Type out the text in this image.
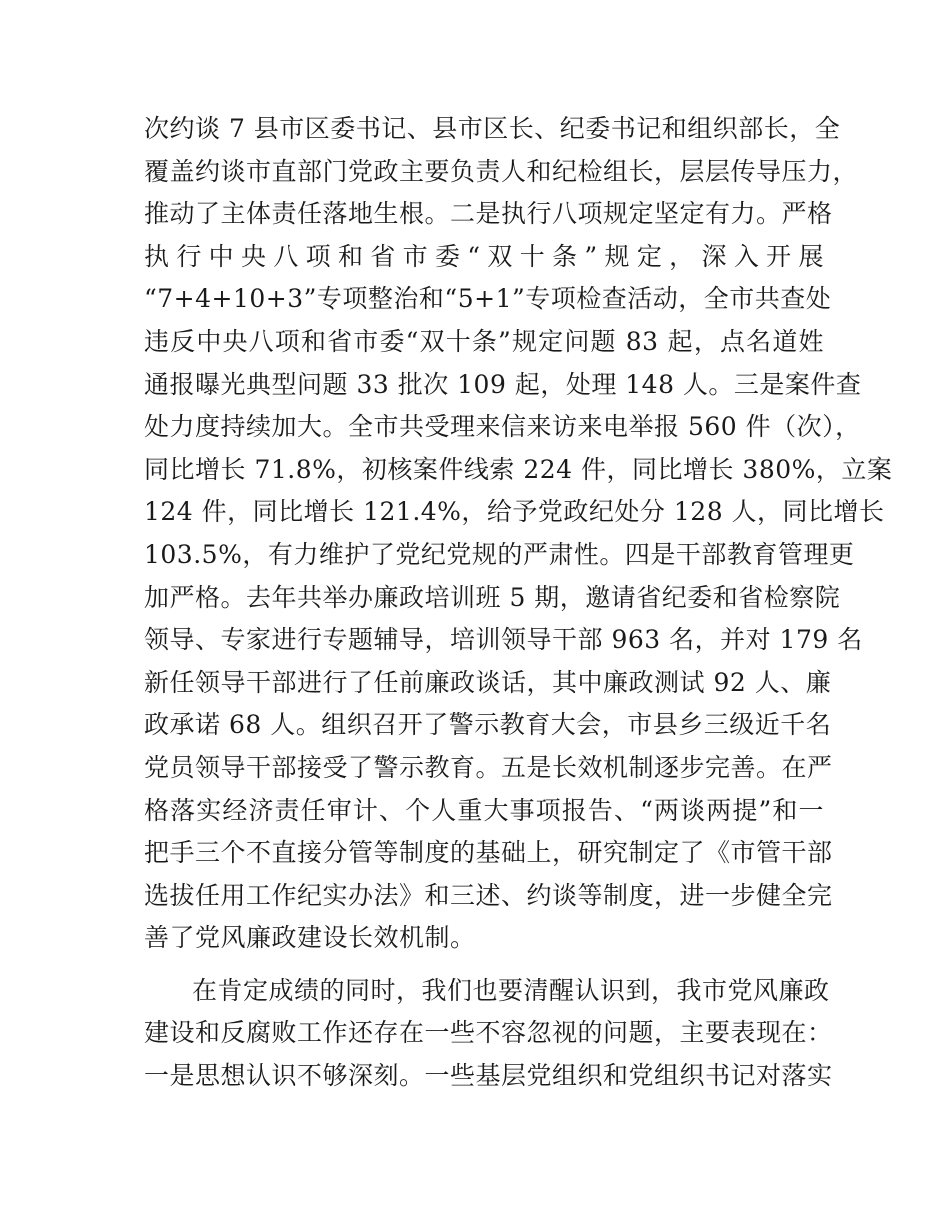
次约谈 7 县市区委书记、县市区长、纪委书记和组织部长，全
覆盖约谈市直部门党政主要负责人和纪检组长，层层传导压力，
推动了主体责任落地生根。二是执行八项规定坚定有力。严格
执行中央八项和省市委“双十条”规定，深入开展
“7+4+10+3”专项整治和“5+1”专项检查活动，全市共查处
违反中央八项和省市委“双十条”规定问题 83 起，点名道姓
通报曝光典型问题 33 批次 109 起，处理 148 人。三是案件查
处力度持续加大。全市共受理来信来访来电举报 560 件（次），
同比增长 71.8%，初核案件线索 224 件，同比增长 380%，立案
124 件，同比增长 121.4%，给予党政纪处分 128 人，同比增长
103.5%，有力维护了党纪党规的严肃性。四是干部教育管理更
加严格。去年共举办廉政培训班 5 期，邀请省纪委和省检察院
领导、专家进行专题辅导，培训领导干部 963 名，并对 179 名
新任领导干部进行了任前廉政谈话，其中廉政测试 92 人、廉
政承诺 68 人。组织召开了警示教育大会，市县乡三级近千名
党员领导干部接受了警示教育。五是长效机制逐步完善。在严
格落实经济责任审计、个人重大事项报告、“两谈两提”和一
把手三个不直接分管等制度的基础上，研究制定了《市管干部
选拔任用工作纪实办法》和三述、约谈等制度，进一步健全完
善了党风廉政建设长效机制。
在肯定成绩的同时，我们也要清醒认识到，我市党风廉政
建设和反腐败工作还存在一些不容忽视的问题，主要表现在：
一是思想认识不够深刻。一些基层党组织和党组织书记对落实
